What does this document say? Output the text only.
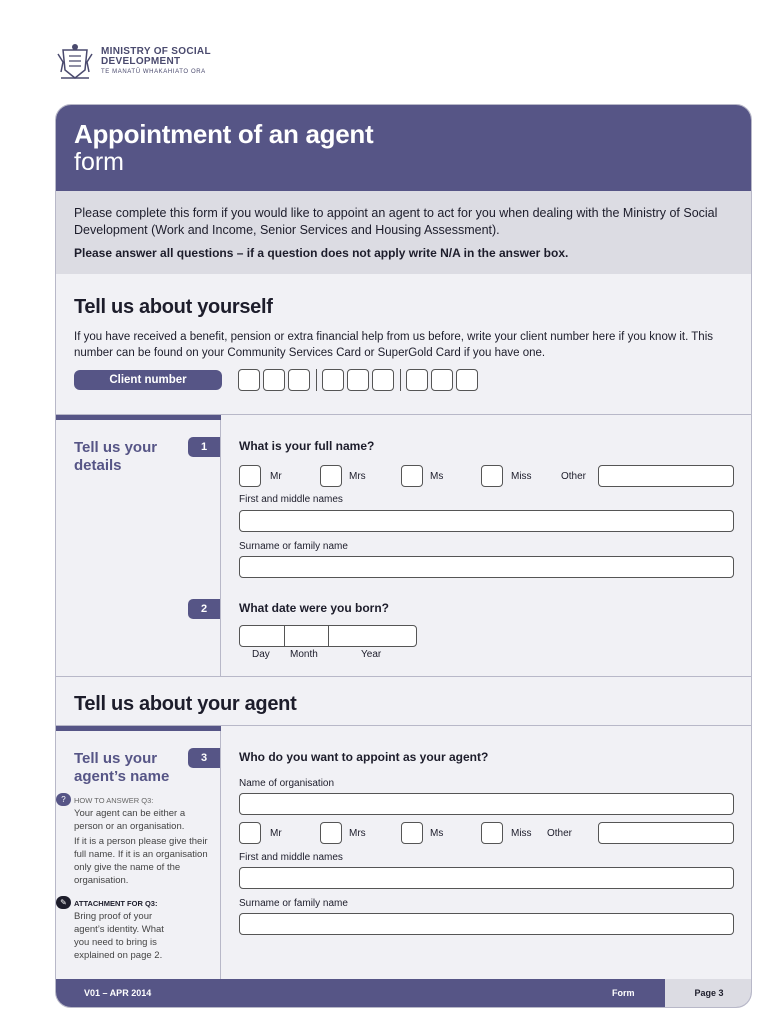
MINISTRY OF SOCIAL
DEVELOPMENT
TE MANATŪ WHAKAHIATO ORA
Appointment of an agent
form

Please complete this form if you would like to appoint an agent to act for you when dealing with the Ministry of Social Development (Work and Income, Senior Services and Housing Assessment).

Please answer all questions – if a question does not apply write N/A in the answer box.

Tell us about yourself
If you have received a benefit, pension or extra financial help from us before, write your client number here if you know it. This number can be found on your Community Services Card or SuperGold Card if you have one.
Client number
Tell us your
details
1
2
What is your full name?
Mr	Mrs	Ms	Miss	Other
First and middle names
Surname or family name
What date were you born?
Day Month	Year
Tell us about your agent
Tell us your
agent’s name
3
?	HOW TO ANSWER Q3:
Your agent can be either a person or an organisation.
If it is a person please give their full name. If it is an organisation only give the name of the organisation.
✎ ATTACHMENT FOR Q3:
Bring proof of your agent’s identity. What you need to bring is explained on page 2.
Who do you want to appoint as your agent?
Name of organisation
Mr	Mrs	Ms	Miss Other
First and middle names
Surname or family name
V01 – APR 2014	Form	Page 3
